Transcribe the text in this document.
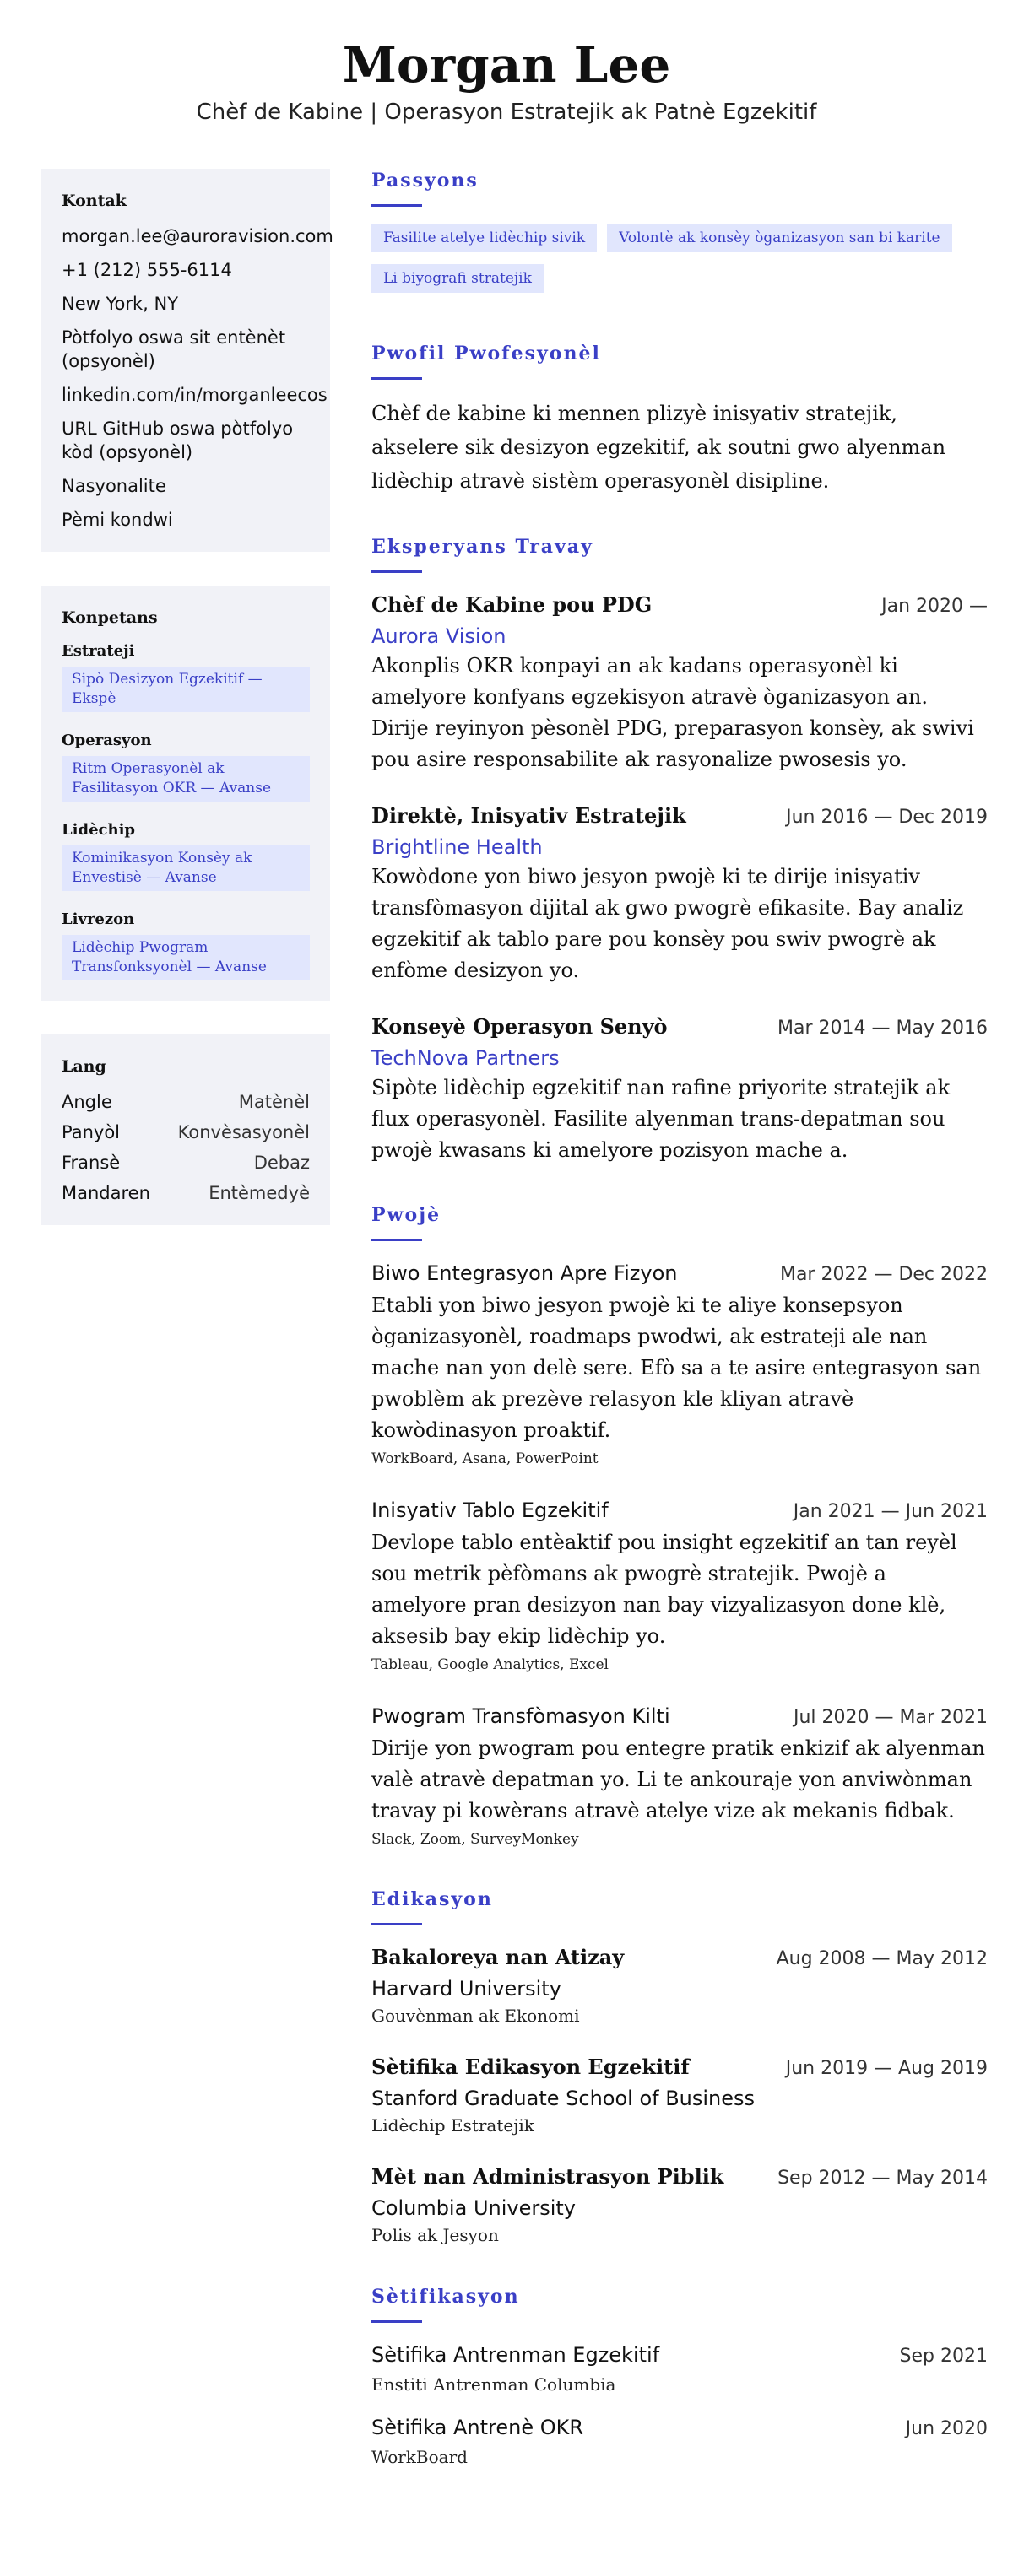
Morgan Lee
Chèf de Kabine | Operasyon Estratejik ak Patnè Egzekitif
Kontak
morgan.lee@auroravision.com
+1 (212) 555-6114
New York, NY
Pòtfolyo oswa sit entènèt (opsyonèl)
linkedin.com/in/morganleecos
URL GitHub oswa pòtfolyo kòd (opsyonèl)
Nasyonalite
Pèmi kondwi
Konpetans
Estrateji
Sipò Desizyon Egzekitif — Ekspè
Operasyon
Ritm Operasyonèl ak Fasilitasyon OKR — Avanse
Lidèchip
Kominikasyon Konsèy ak Envestisè — Avanse
Livrezon
Lidèchip Pwogram Transfonksyonèl — Avanse
Lang
Angle	Matènèl
Panyòl	Konvèsasyonèl
Fransè	Debaz
Mandaren	Entèmedyè
Passyons
Fasilite atelye lidèchip sivik	Volontè ak konsèy òganizasyon san bi karite
Li biyografi stratejik
Pwofil Pwofesyonèl
Chèf de kabine ki mennen plizyè inisyativ stratejik, akselere sik desizyon egzekitif, ak soutni gwo alyenman lidèchip atravè sistèm operasyonèl disipline.
Eksperyans Travay
Chèf de Kabine pou PDG	Jan 2020 —
Aurora Vision
Akonplis OKR konpayi an ak kadans operasyonèl ki amelyore konfyans egzekisyon atravè òganizasyon an. Dirije reyinyon pèsonèl PDG, preparasyon konsèy, ak swivi pou asire responsabilite ak rasyonalize pwosesis yo.
Direktè, Inisyativ Estratejik	Jun 2016 — Dec 2019
Brightline Health
Kowòdone yon biwo jesyon pwojè ki te dirije inisyativ transfòmasyon dijital ak gwo pwogrè efikasite. Bay analiz egzekitif ak tablo pare pou konsèy pou swiv pwogrè ak enfòme desizyon yo.
Konseyè Operasyon Senyò	Mar 2014 — May 2016
TechNova Partners
Sipòte lidèchip egzekitif nan rafine priyorite stratejik ak flux operasyonèl. Fasilite alyenman trans-depatman sou pwojè kwasans ki amelyore pozisyon mache a.
Pwojè
Biwo Entegrasyon Apre Fizyon	Mar 2022 — Dec 2022
Etabli yon biwo jesyon pwojè ki te aliye konsepsyon òganizasyonèl, roadmaps pwodwi, ak estrateji ale nan mache nan yon delè sere. Efò sa a te asire entegrasyon san pwoblèm ak prezève relasyon kle kliyan atravè kowòdinasyon proaktif.
WorkBoard, Asana, PowerPoint
Inisyativ Tablo Egzekitif	Jan 2021 — Jun 2021
Devlope tablo entèaktif pou insight egzekitif an tan reyèl sou metrik pèfòmans ak pwogrè stratejik. Pwojè a amelyore pran desizyon nan bay vizyalizasyon done klè, aksesib bay ekip lidèchip yo.
Tableau, Google Analytics, Excel
Pwogram Transfòmasyon Kilti	Jul 2020 — Mar 2021
Dirije yon pwogram pou entegre pratik enkizif ak alyenman valè atravè depatman yo. Li te ankouraje yon anviwònman travay pi kowèrans atravè atelye vize ak mekanis fidbak.
Slack, Zoom, SurveyMonkey
Edikasyon
Bakaloreya nan Atizay	Aug 2008 — May 2012
Harvard University
Gouvènman ak Ekonomi
Sètifika Edikasyon Egzekitif	Jun 2019 — Aug 2019
Stanford Graduate School of Business
Lidèchip Estratejik
Mèt nan Administrasyon Piblik	Sep 2012 — May 2014
Columbia University
Polis ak Jesyon
Sètifikasyon
Sètifika Antrenman Egzekitif	Sep 2021
Enstiti Antrenman Columbia
Sètifika Antrenè OKR	Jun 2020
WorkBoard
